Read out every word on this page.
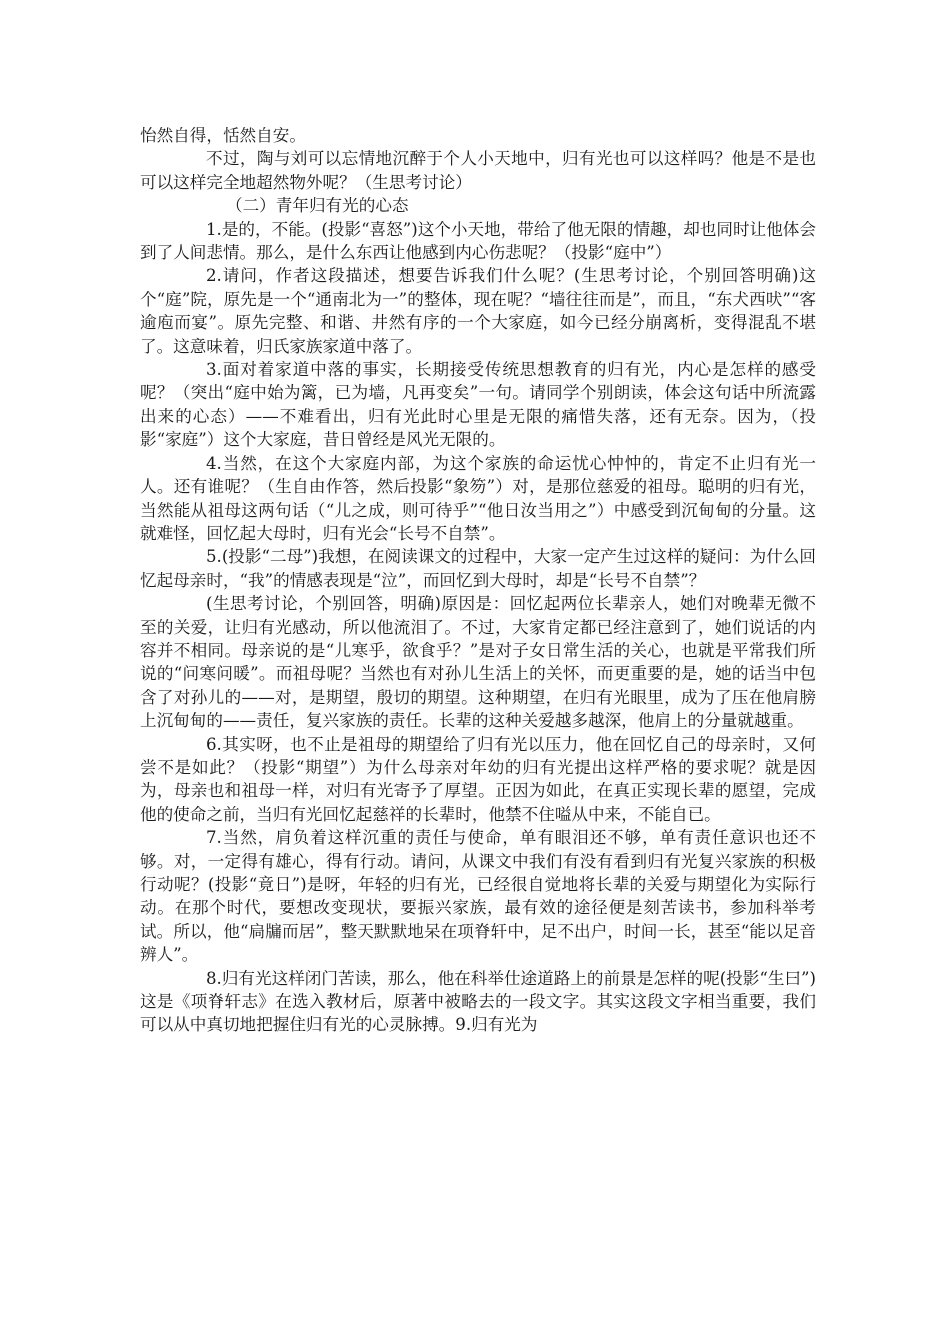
怡然自得，恬然自安。

不过，陶与刘可以忘情地沉醉于个人小天地中，归有光也可以这样吗？他是不是也可以这样完全地超然物外呢？（生思考讨论）

（二）青年归有光的心态

1.是的，不能。(投影“喜怒”)这个小天地，带给了他无限的情趣，却也同时让他体会到了人间悲情。那么，是什么东西让他感到内心伤悲呢？（投影“庭中”）

2.请问，作者这段描述，想要告诉我们什么呢？(生思考讨论，个别回答明确)这个“庭”院，原先是一个“通南北为一”的整体，现在呢？“墙往往而是”，而且，“东犬西吠”“客逾庖而宴”。原先完整、和谐、井然有序的一个大家庭，如今已经分崩离析，变得混乱不堪了。这意味着，归氏家族家道中落了。

3.面对着家道中落的事实，长期接受传统思想教育的归有光，内心是怎样的感受呢？（突出“庭中始为篱，已为墙，凡再变矣”一句。请同学个别朗读，体会这句话中所流露出来的心态）——不难看出，归有光此时心里是无限的痛惜失落，还有无奈。因为，（投影“家庭”）这个大家庭，昔日曾经是风光无限的。

4.当然，在这个大家庭内部，为这个家族的命运忧心忡忡的，肯定不止归有光一人。还有谁呢？（生自由作答，然后投影“象笏”）对，是那位慈爱的祖母。聪明的归有光，当然能从祖母这两句话（“儿之成，则可待乎”“他日汝当用之”）中感受到沉甸甸的分量。这就难怪，回忆起大母时，归有光会“长号不自禁”。

5.(投影“二母”)我想，在阅读课文的过程中，大家一定产生过这样的疑问：为什么回忆起母亲时，“我”的情感表现是“泣”，而回忆到大母时，却是“长号不自禁”？

(生思考讨论，个别回答，明确)原因是：回忆起两位长辈亲人，她们对晚辈无微不至的关爱，让归有光感动，所以他流泪了。不过，大家肯定都已经注意到了，她们说话的内容并不相同。母亲说的是“儿寒乎，欲食乎？”是对子女日常生活的关心，也就是平常我们所说的“问寒问暖”。而祖母呢？当然也有对孙儿生活上的关怀，而更重要的是，她的话当中包含了对孙儿的——对，是期望，殷切的期望。这种期望，在归有光眼里，成为了压在他肩膀上沉甸甸的——责任，复兴家族的责任。长辈的这种关爱越多越深，他肩上的分量就越重。

6.其实呀，也不止是祖母的期望给了归有光以压力，他在回忆自己的母亲时，又何尝不是如此？（投影“期望”）为什么母亲对年幼的归有光提出这样严格的要求呢？就是因为，母亲也和祖母一样，对归有光寄予了厚望。正因为如此，在真正实现长辈的愿望，完成他的使命之前，当归有光回忆起慈祥的长辈时，他禁不住嗌从中来，不能自已。

7.当然，肩负着这样沉重的责任与使命，单有眼泪还不够，单有责任意识也还不够。对，一定得有雄心，得有行动。请问，从课文中我们有没有看到归有光复兴家族的积极行动呢？(投影“竟日”)是呀，年轻的归有光，已经很自觉地将长辈的关爱与期望化为实际行动。在那个时代，要想改变现状，要振兴家族，最有效的途径便是刻苦读书，参加科举考试。所以，他“扃牖而居”，整天默默地呆在项脊轩中，足不出户，时间一长，甚至“能以足音辨人”。

8.归有光这样闭门苦读，那么，他在科举仕途道路上的前景是怎样的呢(投影“生曰”)这是《项脊轩志》在选入教材后，原著中被略去的一段文字。其实这段文字相当重要，我们可以从中真切地把握住归有光的心灵脉搏。9.归有光为
